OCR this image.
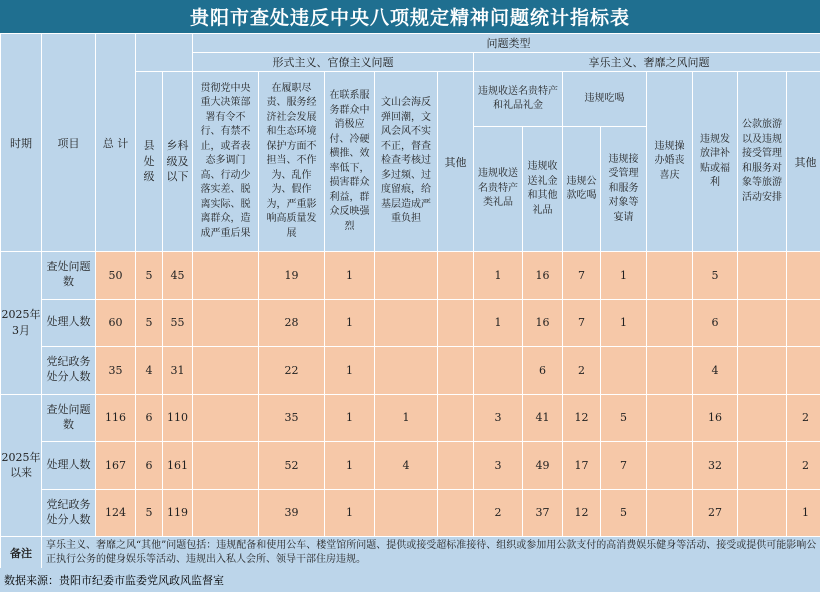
贵阳市查处违反中央八项规定精神问题统计指标表
时期	项目	总 计			问题类型												
					形式主义、官僚主义问题					享乐主义、奢靡之风问题							
			县处级	乡科级及以下	贯彻党中央重大决策部署有令不行、有禁不止，或者表态多调门高、行动少落实差、脱离实际、脱离群众，造成严重后果	在履职尽责、服务经济社会发展和生态环境保护方面不担当、不作为、乱作为、假作为，严重影响高质量发展	在联系服务群众中消极应付、冷硬横推、效率低下，损害群众利益，群众反映强烈	文山会海反弹回潮，文风会风不实不正，督查检查考核过多过频、过度留痕，给基层造成严重负担	其他	违规收送名贵特产和礼品礼金		违规吃喝		违规操办婚丧喜庆	违规发放津补贴或福利	公款旅游以及违规接受管理和服务对象等旅游活动安排	其他

										违规收送名贵特产类礼品	违规收送礼金和其他礼品	违规公款吃喝	违规接受管理和服务对象等宴请				

2025年3月	查处问题数	50	5	45		19	1			1	16	7	1		5		
	处理人数	60	5	55		28	1			1	16	7	1		6		
	党纪政务处分人数	35	4	31		22	1				6	2			4		
2025年以来	查处问题数	116	6	110		35	1	1		3	41	12	5		16		2
	处理人数	167	6	161		52	1	4		3	49	17	7		32		2
	党纪政务处分人数	124	5	119		39	1			2	37	12	5		27		1
备注	享乐主义、奢靡之风“其他”问题包括：违规配备和使用公车、楼堂馆所问题、提供或接受超标准接待、组织或参加用公款支付的高消费娱乐健身等活动、接受或提供可能影响公正执行公务的健身娱乐等活动、违规出入私人会所、领导干部住房违规。																
数据来源：贵阳市纪委市监委党风政风监督室
